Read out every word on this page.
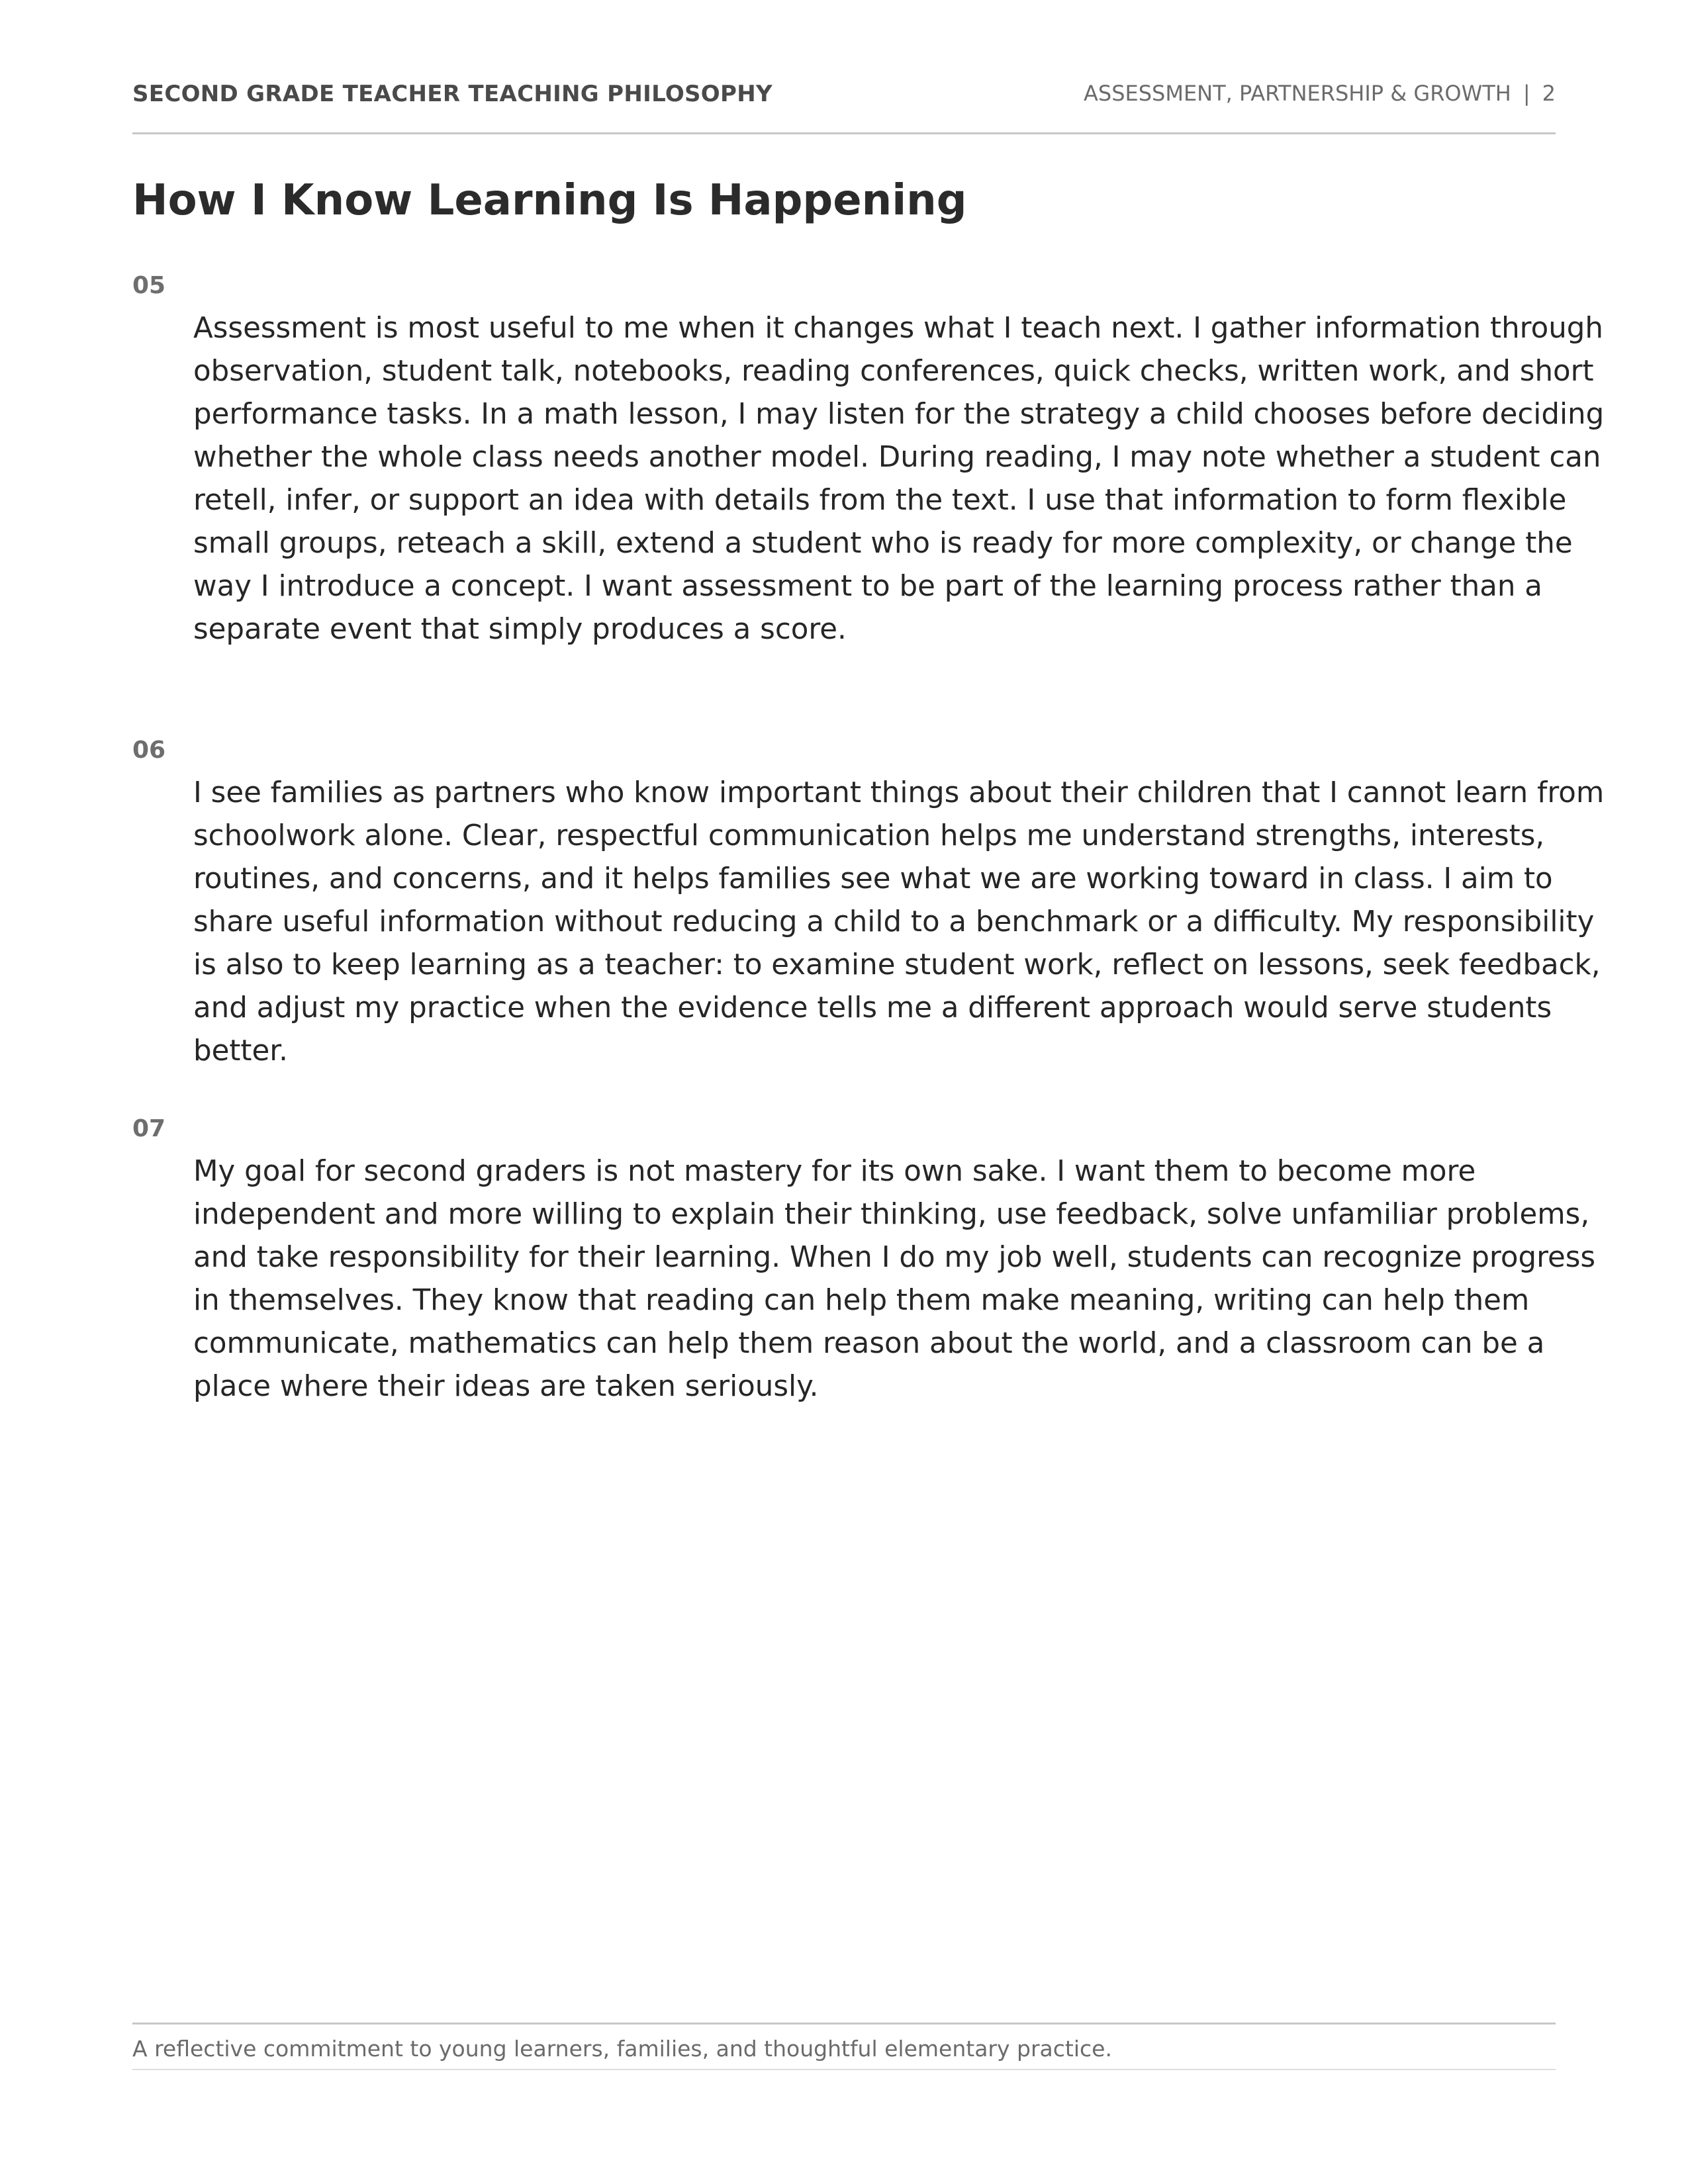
SECOND GRADE TEACHER TEACHING PHILOSOPHY	ASSESSMENT, PARTNERSHIP & GROWTH | 2
How I Know Learning Is Happening
05

Assessment is most useful to me when it changes what I teach next. I gather information through observation, student talk, notebooks, reading conferences, quick checks, written work, and short performance tasks. In a math lesson, I may listen for the strategy a child chooses before deciding whether the whole class needs another model. During reading, I may note whether a student can retell, infer, or support an idea with details from the text. I use that information to form flexible small groups, reteach a skill, extend a student who is ready for more complexity, or change the way I introduce a concept. I want assessment to be part of the learning process rather than a separate event that simply produces a score.

06

I see families as partners who know important things about their children that I cannot learn from schoolwork alone. Clear, respectful communication helps me understand strengths, interests, routines, and concerns, and it helps families see what we are working toward in class. I aim to share useful information without reducing a child to a benchmark or a difficulty. My responsibility is also to keep learning as a teacher: to examine student work, reflect on lessons, seek feedback, and adjust my practice when the evidence tells me a different approach would serve students better.

07

My goal for second graders is not mastery for its own sake. I want them to become more independent and more willing to explain their thinking, use feedback, solve unfamiliar problems, and take responsibility for their learning. When I do my job well, students can recognize progress in themselves. They know that reading can help them make meaning, writing can help them communicate, mathematics can help them reason about the world, and a classroom can be a place where their ideas are taken seriously.

A reflective commitment to young learners, families, and thoughtful elementary practice.
